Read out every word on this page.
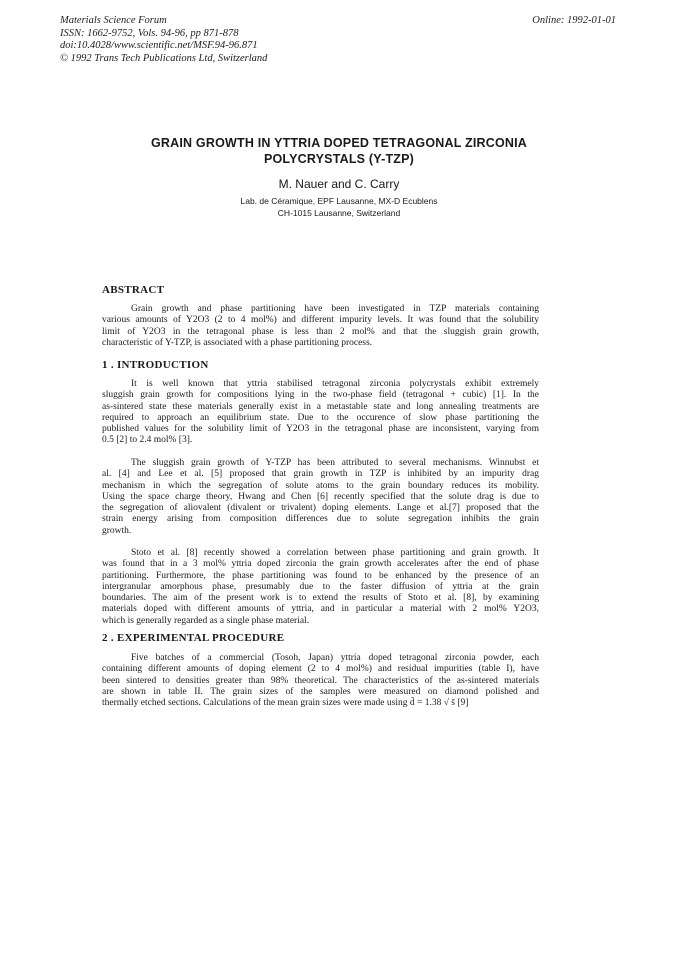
Materials Science Forum
ISSN: 1662-9752, Vols. 94-96, pp 871-878
doi:10.4028/www.scientific.net/MSF.94-96.871
© 1992 Trans Tech Publications Ltd, Switzerland
Online: 1992-01-01
GRAIN GROWTH IN YTTRIA DOPED TETRAGONAL ZIRCONIA
POLYCRYSTALS (Y-TZP)
M. Nauer and C. Carry
Lab. de Céramique, EPF Lausanne, MX-D Ecublens
CH-1015 Lausanne, Switzerland
ABSTRACT
Grain growth and phase partitioning have been investigated in TZP materials containing
various amounts of Y2O3 (2 to 4 mol%) and different impurity levels. It was found that the solubility
limit of Y2O3 in the tetragonal phase is less than 2 mol% and that the sluggish grain growth,
characteristic of Y-TZP, is associated with a phase partitioning process.
1 . INTRODUCTION
It is well known that yttria stabilised tetragonal zirconia polycrystals exhibit extremely
sluggish grain growth for compositions lying in the two-phase field (tetragonal + cubic) [1]. In the
as-sintered state these materials generally exist in a metastable state and long annealing treatments are
required to approach an equilibrium state. Due to the occurence of slow phase partitioning the
published values for the solubility limit of Y2O3 in the tetragonal phase are inconsistent, varying from
0.5 [2] to 2.4 mol% [3].
The sluggish grain growth of Y-TZP has been attributed to several mechanisms. Winnubst et
al. [4] and Lee et al. [5] proposed that grain growth in TZP is inhibited by an impurity drag
mechanism in which the segregation of solute atoms to the grain boundary reduces its mobility.
Using the space charge theory, Hwang and Chen [6] recently specified that the solute drag is due to
the segregation of aliovalent (divalent or trivalent) doping elements. Lange et al.[7] proposed that the
strain energy arising from composition differences due to solute segregation inhibits the grain
growth.
Stoto et al. [8] recently showed a correlation between phase partitioning and grain growth. It
was found that in a 3 mol% yttria doped zirconia the grain growth accelerates after the end of phase
partitioning. Furthermore, the phase partitioning was found to be enhanced by the presence of an
intergranular amorphous phase, presumably due to the faster diffusion of yttria at the grain
boundaries. The aim of the present work is to extend the results of Stoto et al. [8], by examining
materials doped with different amounts of yttria, and in particular a material with 2 mol% Y2O3,
which is generally regarded as a single phase material.
2 . EXPERIMENTAL PROCEDURE
Five batches of a commercial (Tosoh, Japan) yttria doped tetragonal zirconia powder, each
containing different amounts of doping element (2 to 4 mol%) and residual impurities (table I), have
been sintered to densities greater than 98% theoretical. The characteristics of the as-sintered materials
are shown in table II. The grain sizes of the samples were measured on diamond polished and
thermally etched sections. Calculations of the mean grain sizes were made using d̄ = 1.38 √ s̄ [9]
